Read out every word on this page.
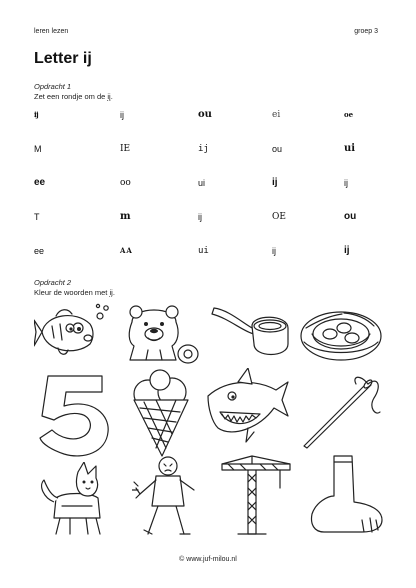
leren lezen	groep 3
Letter ij
Opdracht 1
Zet een rondje om de ij.
ij	ij	ou	ei	oe
M	IE	ij	ou	ui
ee	oo	ui	ij	ij
T	m	ij	OE	ou
ee	AA	ui	ij	ij
Opdracht 2
Kleur de woorden met ij.
© www.juf-milou.nl
